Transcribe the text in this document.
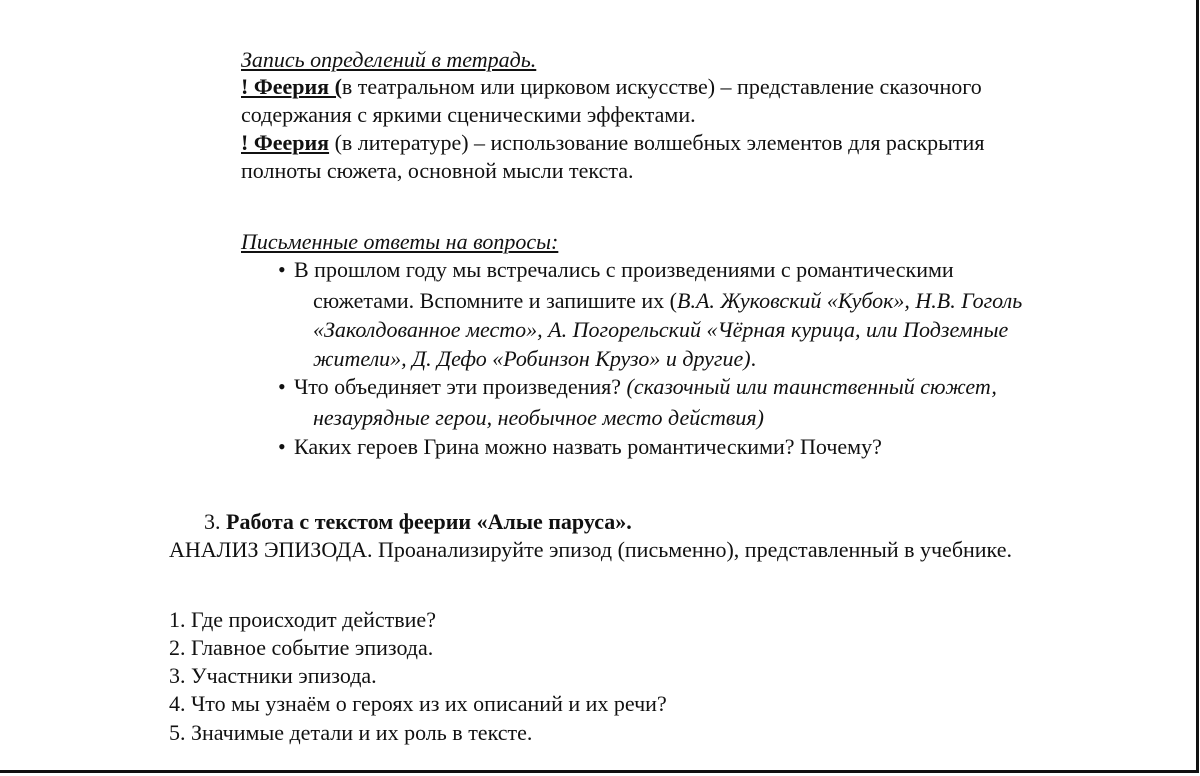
Запись определений в тетрадь.
! Феерия (в театральном или цирковом искусстве) – представление сказочного
содержания с яркими сценическими эффектами.
! Феерия (в литературе) – использование волшебных элементов для раскрытия
полноты сюжета, основной мысли текста.
Письменные ответы на вопросы:
• В прошлом году мы встречались с произведениями с романтическими
сюжетами. Вспомните и запишите их (В.А. Жуковский «Кубок», Н.В. Гоголь
«Заколдованное место», А. Погорельский «Чёрная курица, или Подземные
жители», Д. Дефо «Робинзон Крузо» и другие).
• Что объединяет эти произведения? (сказочный или таинственный сюжет,
незаурядные герои, необычное место действия)
• Каких героев Грина можно назвать романтическими? Почему?
3. Работа с текстом феерии «Алые паруса».
АНАЛИЗ ЭПИЗОДА. Проанализируйте эпизод (письменно), представленный в учебнике.
1. Где происходит действие?
2. Главное событие эпизода.
3. Участники эпизода.
4. Что мы узнаём о героях из их описаний и их речи?
5. Значимые детали и их роль в тексте.
